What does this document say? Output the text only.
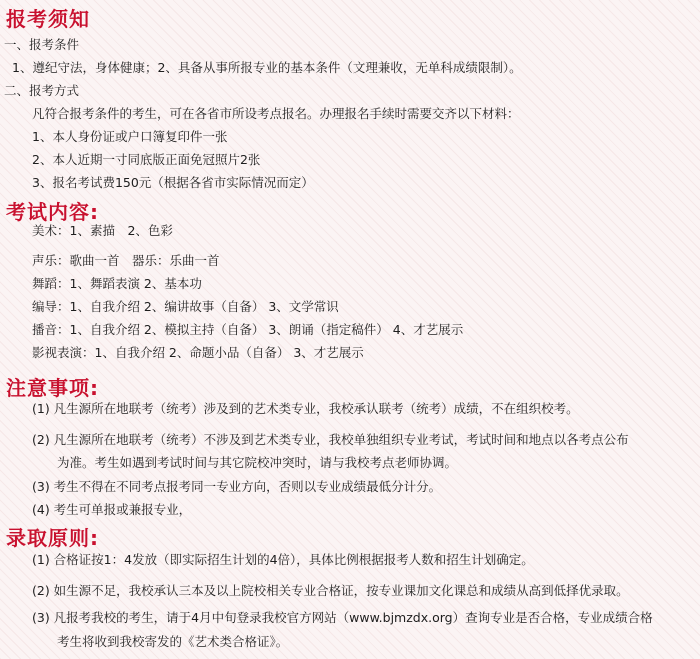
报考须知
一、报考条件
1、遵纪守法，身体健康；2、具备从事所报专业的基本条件（文理兼收，无单科成绩限制）。
二、报考方式
凡符合报考条件的考生，可在各省市所设考点报名。办理报名手续时需要交齐以下材料：
1、本人身份证或户口簿复印件一张
2、本人近期一寸同底版正面免冠照片2张
3、报名考试费150元（根据各省市实际情况而定）
考试内容:
美术：1、素描　2、色彩
声乐：歌曲一首　器乐：乐曲一首
舞蹈：1、舞蹈表演 2、基本功
编导：1、自我介绍 2、编讲故事（自备） 3、文学常识
播音：1、自我介绍 2、模拟主持（自备） 3、朗诵（指定稿件） 4、才艺展示
影视表演：1、自我介绍 2、命题小品（自备） 3、才艺展示
注意事项:
(1) 凡生源所在地联考（统考）涉及到的艺术类专业，我校承认联考（统考）成绩，不在组织校考。
(2) 凡生源所在地联考（统考）不涉及到艺术类专业，我校单独组织专业考试，考试时间和地点以各考点公布
为准。考生如遇到考试时间与其它院校冲突时，请与我校考点老师协调。
(3) 考生不得在不同考点报考同一专业方向，否则以专业成绩最低分计分。
(4) 考生可单报或兼报专业，
录取原则:
(1) 合格证按1：4发放（即实际招生计划的4倍），具体比例根据报考人数和招生计划确定。
(2) 如生源不足，我校承认三本及以上院校相关专业合格证，按专业课加文化课总和成绩从高到低择优录取。
(3) 凡报考我校的考生，请于4月中旬登录我校官方网站（www.bjmzdx.org）查询专业是否合格，专业成绩合格
考生将收到我校寄发的《艺术类合格证》。
